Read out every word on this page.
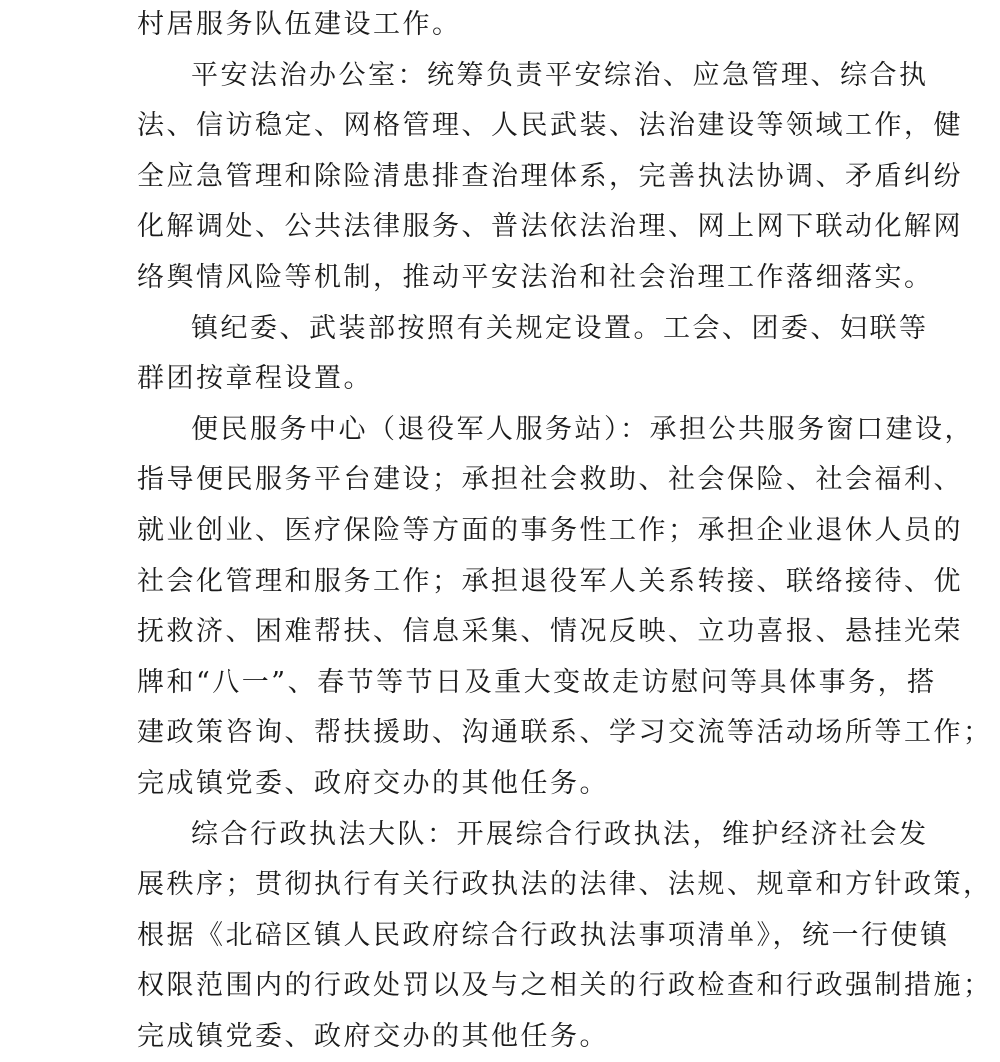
村居服务队伍建设工作。
平安法治办公室：统筹负责平安综治、应急管理、综合执
法、信访稳定、网格管理、人民武装、法治建设等领域工作，健
全应急管理和除险清患排查治理体系，完善执法协调、矛盾纠纷
化解调处、公共法律服务、普法依法治理、网上网下联动化解网
络舆情风险等机制，推动平安法治和社会治理工作落细落实。
镇纪委、武装部按照有关规定设置。工会、团委、妇联等
群团按章程设置。
便民服务中心（退役军人服务站）：承担公共服务窗口建设，
指导便民服务平台建设；承担社会救助、社会保险、社会福利、
就业创业、医疗保险等方面的事务性工作；承担企业退休人员的
社会化管理和服务工作；承担退役军人关系转接、联络接待、优
抚救济、困难帮扶、信息采集、情况反映、立功喜报、悬挂光荣
牌和“八一”、春节等节日及重大变故走访慰问等具体事务，搭
建政策咨询、帮扶援助、沟通联系、学习交流等活动场所等工作；
完成镇党委、政府交办的其他任务。
综合行政执法大队：开展综合行政执法，维护经济社会发
展秩序；贯彻执行有关行政执法的法律、法规、规章和方针政策，
根据《北碚区镇人民政府综合行政执法事项清单》，统一行使镇
权限范围内的行政处罚以及与之相关的行政检查和行政强制措施；
完成镇党委、政府交办的其他任务。
